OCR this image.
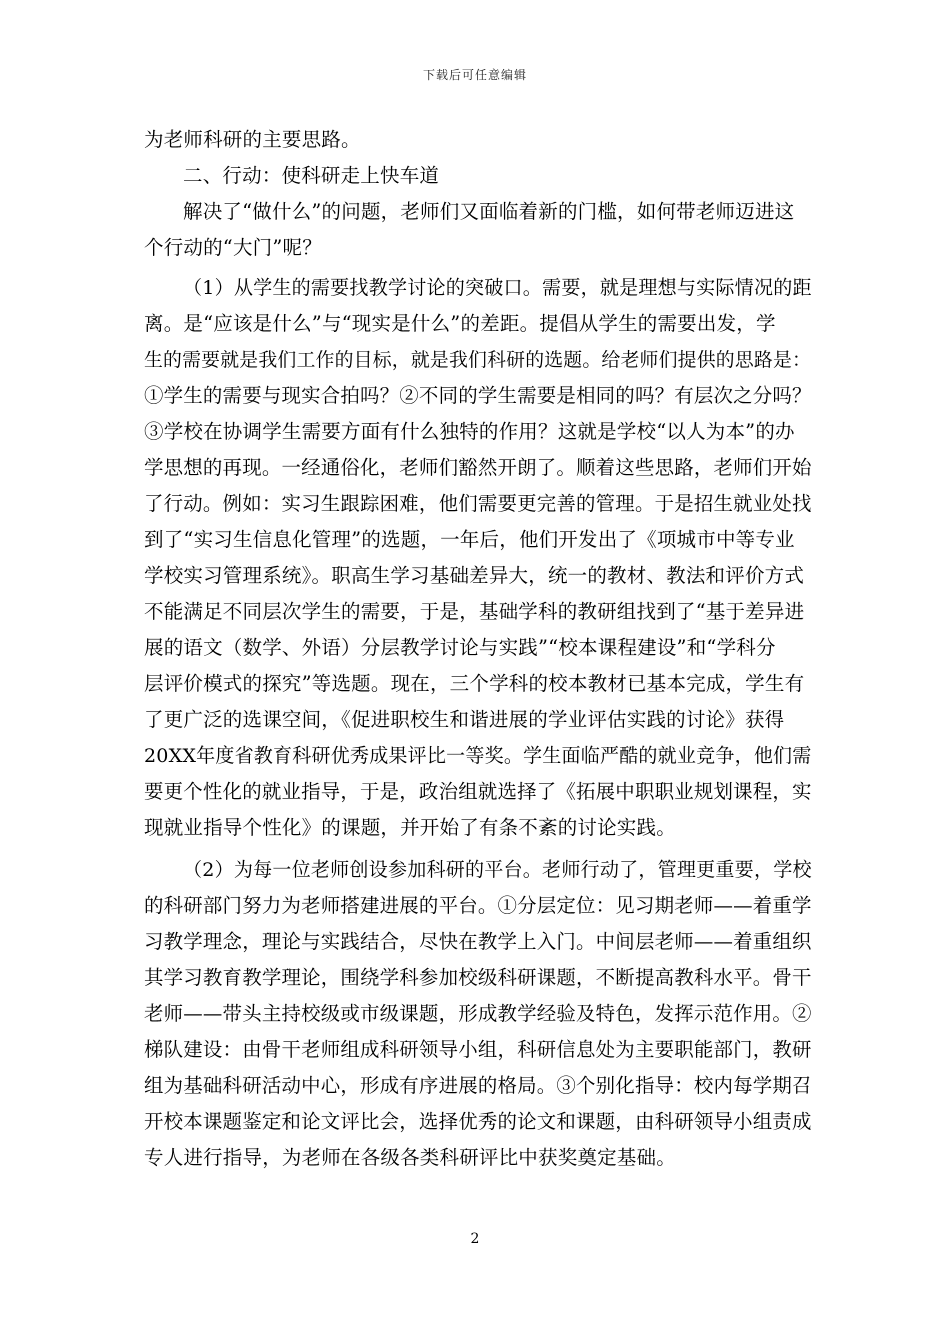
下载后可任意编辑
为老师科研的主要思路。
二、行动：使科研走上快车道
解决了“做什么”的问题，老师们又面临着新的门槛，如何带老师迈进这
个行动的“大门”呢？
（1）从学生的需要找教学讨论的突破口。需要，就是理想与实际情况的距
离。是“应该是什么”与“现实是什么”的差距。提倡从学生的需要出发，学
生的需要就是我们工作的目标，就是我们科研的选题。给老师们提供的思路是：
①学生的需要与现实合拍吗？②不同的学生需要是相同的吗？有层次之分吗？
③学校在协调学生需要方面有什么独特的作用？这就是学校“以人为本”的办
学思想的再现。一经通俗化，老师们豁然开朗了。顺着这些思路，老师们开始
了行动。例如：实习生跟踪困难，他们需要更完善的管理。于是招生就业处找
到了“实习生信息化管理”的选题，一年后，他们开发出了《项城市中等专业
学校实习管理系统》。职高生学习基础差异大，统一的教材、教法和评价方式
不能满足不同层次学生的需要，于是，基础学科的教研组找到了“基于差异进
展的语文（数学、外语）分层教学讨论与实践”“校本课程建设”和“学科分
层评价模式的探究”等选题。现在，三个学科的校本教材已基本完成，学生有
了更广泛的选课空间，《促进职校生和谐进展的学业评估实践的讨论》获得
20XX年度省教育科研优秀成果评比一等奖。学生面临严酷的就业竞争，他们需
要更个性化的就业指导，于是，政治组就选择了《拓展中职职业规划课程，实
现就业指导个性化》的课题，并开始了有条不紊的讨论实践。
（2）为每一位老师创设参加科研的平台。老师行动了，管理更重要，学校
的科研部门努力为老师搭建进展的平台。①分层定位：见习期老师——着重学
习教学理念，理论与实践结合，尽快在教学上入门。中间层老师——着重组织
其学习教育教学理论，围绕学科参加校级科研课题，不断提高教科水平。骨干
老师——带头主持校级或市级课题，形成教学经验及特色，发挥示范作用。②
梯队建设：由骨干老师组成科研领导小组，科研信息处为主要职能部门，教研
组为基础科研活动中心，形成有序进展的格局。③个别化指导：校内每学期召
开校本课题鉴定和论文评比会，选择优秀的论文和课题，由科研领导小组责成
专人进行指导，为老师在各级各类科研评比中获奖奠定基础。
2
